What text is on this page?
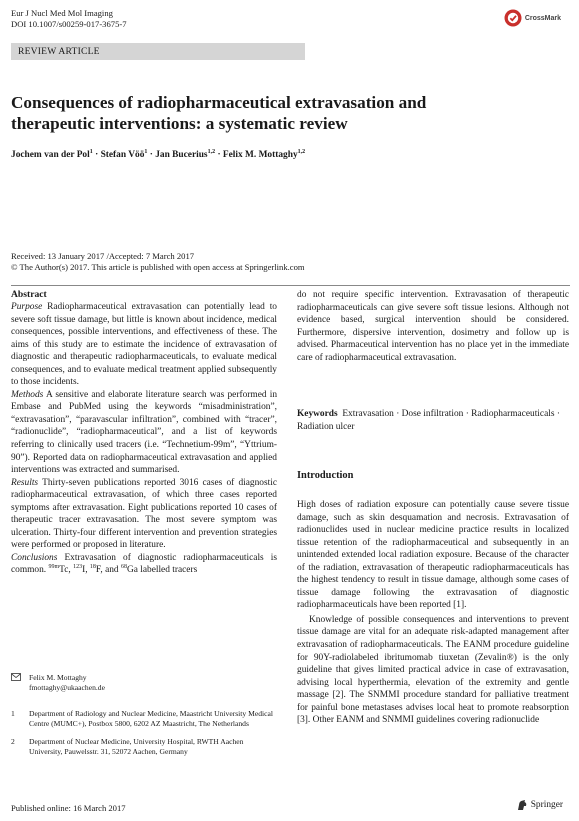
Eur J Nucl Med Mol Imaging
DOI 10.1007/s00259-017-3675-7
CrossMark
REVIEW ARTICLE
Consequences of radiopharmaceutical extravasation and therapeutic interventions: a systematic review
Jochem van der Pol$^1$ · Stefan Vöö$^1$ · Jan Bucerius$^{1,2}$ · Felix M. Mottaghy$^{1,2}$
Received: 13 January 2017 /Accepted: 7 March 2017
© The Author(s) 2017. This article is published with open access at Springerlink.com
Abstract

Purpose Radiopharmaceutical extravasation can potentially lead to severe soft tissue damage, but little is known about incidence, medical consequences, possible interventions, and effectiveness of these. The aims of this study are to estimate the incidence of extravasation of diagnostic and therapeutic radiopharmaceuticals, to evaluate medical consequences, and to evaluate medical treatment applied subsequently to those incidents.

Methods A sensitive and elaborate literature search was performed in Embase and PubMed using the keywords “misadministration”, “extravasation”, “paravascular infiltration”, combined with “tracer”, “radionuclide”, “radiopharmaceutical”, and a list of keywords referring to clinically used tracers (i.e. “Technetium-99m”, “Yttrium-90”). Reported data on radiopharmaceutical extravasation and applied interventions was extracted and summarised.

Results Thirty-seven publications reported 3016 cases of diagnostic radiopharmaceutical extravasation, of which three cases reported symptoms after extravasation. Eight publications reported 10 cases of therapeutic tracer extravasation. The most severe symptom was ulceration. Thirty-four different intervention and prevention strategies were performed or proposed in literature.

Conclusions Extravasation of diagnostic radiopharmaceuticals is common. $^{99m}$Tc, $^{123}$I, $^{18}$F, and $^{68}$Ga labelled tracers

Felix M. Mottaghy
fmottaghy@ukaachen.de
1	Department of Radiology and Nuclear Medicine, Maastricht University Medical Centre (MUMC+), Postbox 5800, 6202 AZ Maastricht, The Netherlands
2	Department of Nuclear Medicine, University Hospital, RWTH Aachen University, Pauwelsstr. 31, 52072 Aachen, Germany
do not require specific intervention. Extravasation of therapeutic radiopharmaceuticals can give severe soft tissue lesions. Although not evidence based, surgical intervention should be considered. Furthermore, dispersive intervention, dosimetry and follow up is advised. Pharmaceutical intervention has no place yet in the immediate care of radiopharmaceutical extravasation.
Keywords Extravasation · Dose infiltration · Radiopharmaceuticals · Radiation ulcer
Introduction

High doses of radiation exposure can potentially cause severe tissue damage, such as skin desquamation and necrosis. Extravasation of radionuclides used in nuclear medicine practice results in localized tissue retention of the radiopharmaceutical and subsequently in an unintended extended local radiation exposure. Because of the character of the radiation, extravasation of therapeutic radiopharmaceuticals has the highest tendency to result in tissue damage, although some cases of tissue damage following the extravasation of diagnostic radiopharmaceuticals have been reported [1].

Knowledge of possible consequences and interventions to prevent tissue damage are vital for an adequate risk-adapted management after extravasation of radiopharmaceuticals. The EANM procedure guideline for 90Y-radiolabeled ibritumomab tiuxetan (Zevalin®) is the only guideline that gives limited practical advice in case of extravasation, advising local hyperthermia, elevation of the extremity and gentle massage [2]. The SNMMI procedure standard for palliative treatment for painful bone metastases advises local heat to promote reabsorption [3]. Other EANM and SNMMI guidelines covering radionuclide

Published online: 16 March 2017	Springer
